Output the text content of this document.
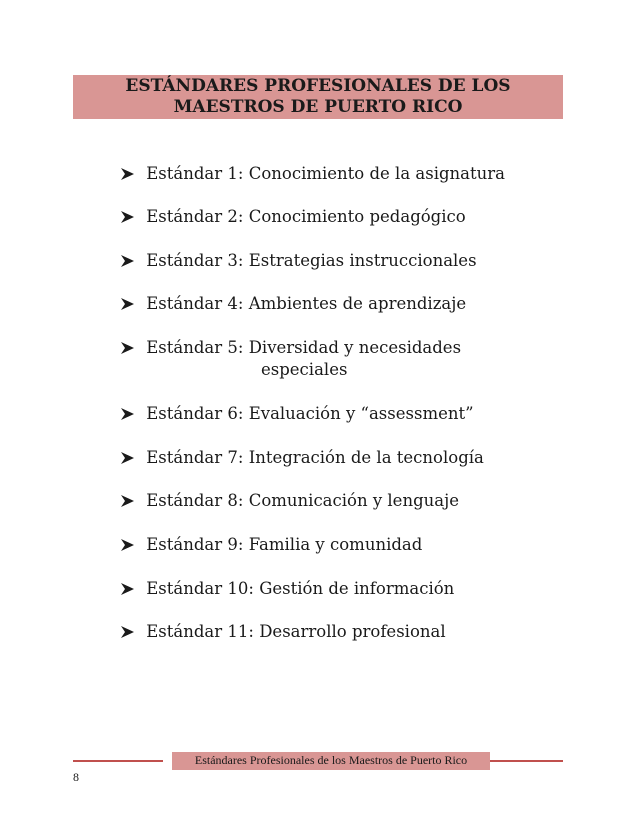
ESTÁNDARES PROFESIONALES DE LOS
MAESTROS DE PUERTO RICO
Estándar 1: Conocimiento de la asignatura
Estándar 2: Conocimiento pedagógico
Estándar 3: Estrategias instruccionales
Estándar 4: Ambientes de aprendizaje
Estándar 5: Diversidad y necesidades
especiales
Estándar 6: Evaluación y “assessment”
Estándar 7: Integración de la tecnología
Estándar 8: Comunicación y lenguaje
Estándar 9: Familia y comunidad
Estándar 10: Gestión de información
Estándar 11: Desarrollo profesional
Estándares Profesionales de los Maestros de Puerto Rico
8
